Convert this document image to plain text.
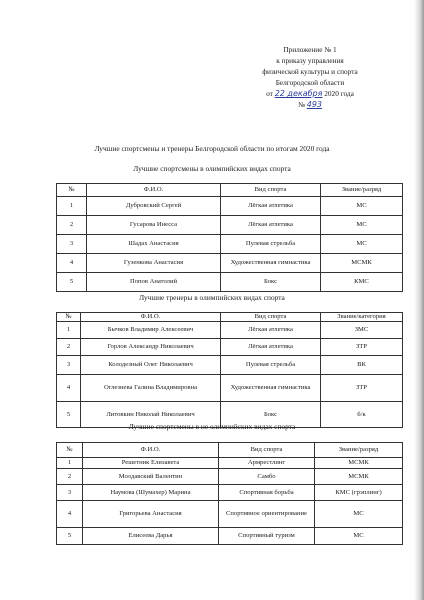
Приложение № 1
к приказу управления
физической культуры и спорта
Белгородской области
от 22 декабря 2020 года
№ 493
Лучшие спортсмены и тренеры Белгородской области по итогам 2020 года
Лучшие спортсмены в олимпийских видах спорта
№	Ф.И.О.	Вид спорта	Звание/разряд
1	Дубровский Сергей	Лёгкая атлетика	МС
2	Гусарова Инесса	Лёгкая атлетика	МС
3	Шадах Анастасия	Пулевая стрельба	МС
4	Гузенкова Анастасия	Художественная гимнастика	МСМК
5	Попов Анатолий	Бокс	КМС
Лучшие тренеры в олимпийских видах спорта
№	Ф.И.О.	Вид спорта	Звание/категория
1	Бычков Владимир Алексеевич	Лёгкая атлетика	ЗМС
2	Горлов Александр Николаевич	Лёгкая атлетика	ЗТР
3	Колодезный Олег Николаевич	Пулевая стрельба	ВК
4	Оглезнева Галина Владимировна	Художественная гимнастика	ЗТР
5	Литовкин Николай Николаевич	Бокс	б/к
Лучшие спортсмены в не олимпийских видах спорта
№	Ф.И.О.	Вид спорта	Звание/разряд
1	Решетник Елизавета	Армрестлинг	МСМК
2	Молдавский Валентин	Самбо	МСМК
3	Наумова (Шумахер) Марина	Спортивная борьба	КМС (грэплинг)
4	Григорьева Анастасия	Спортивное ориентирование	МС
5	Елисеева Дарья	Спортивный туризм	МС
